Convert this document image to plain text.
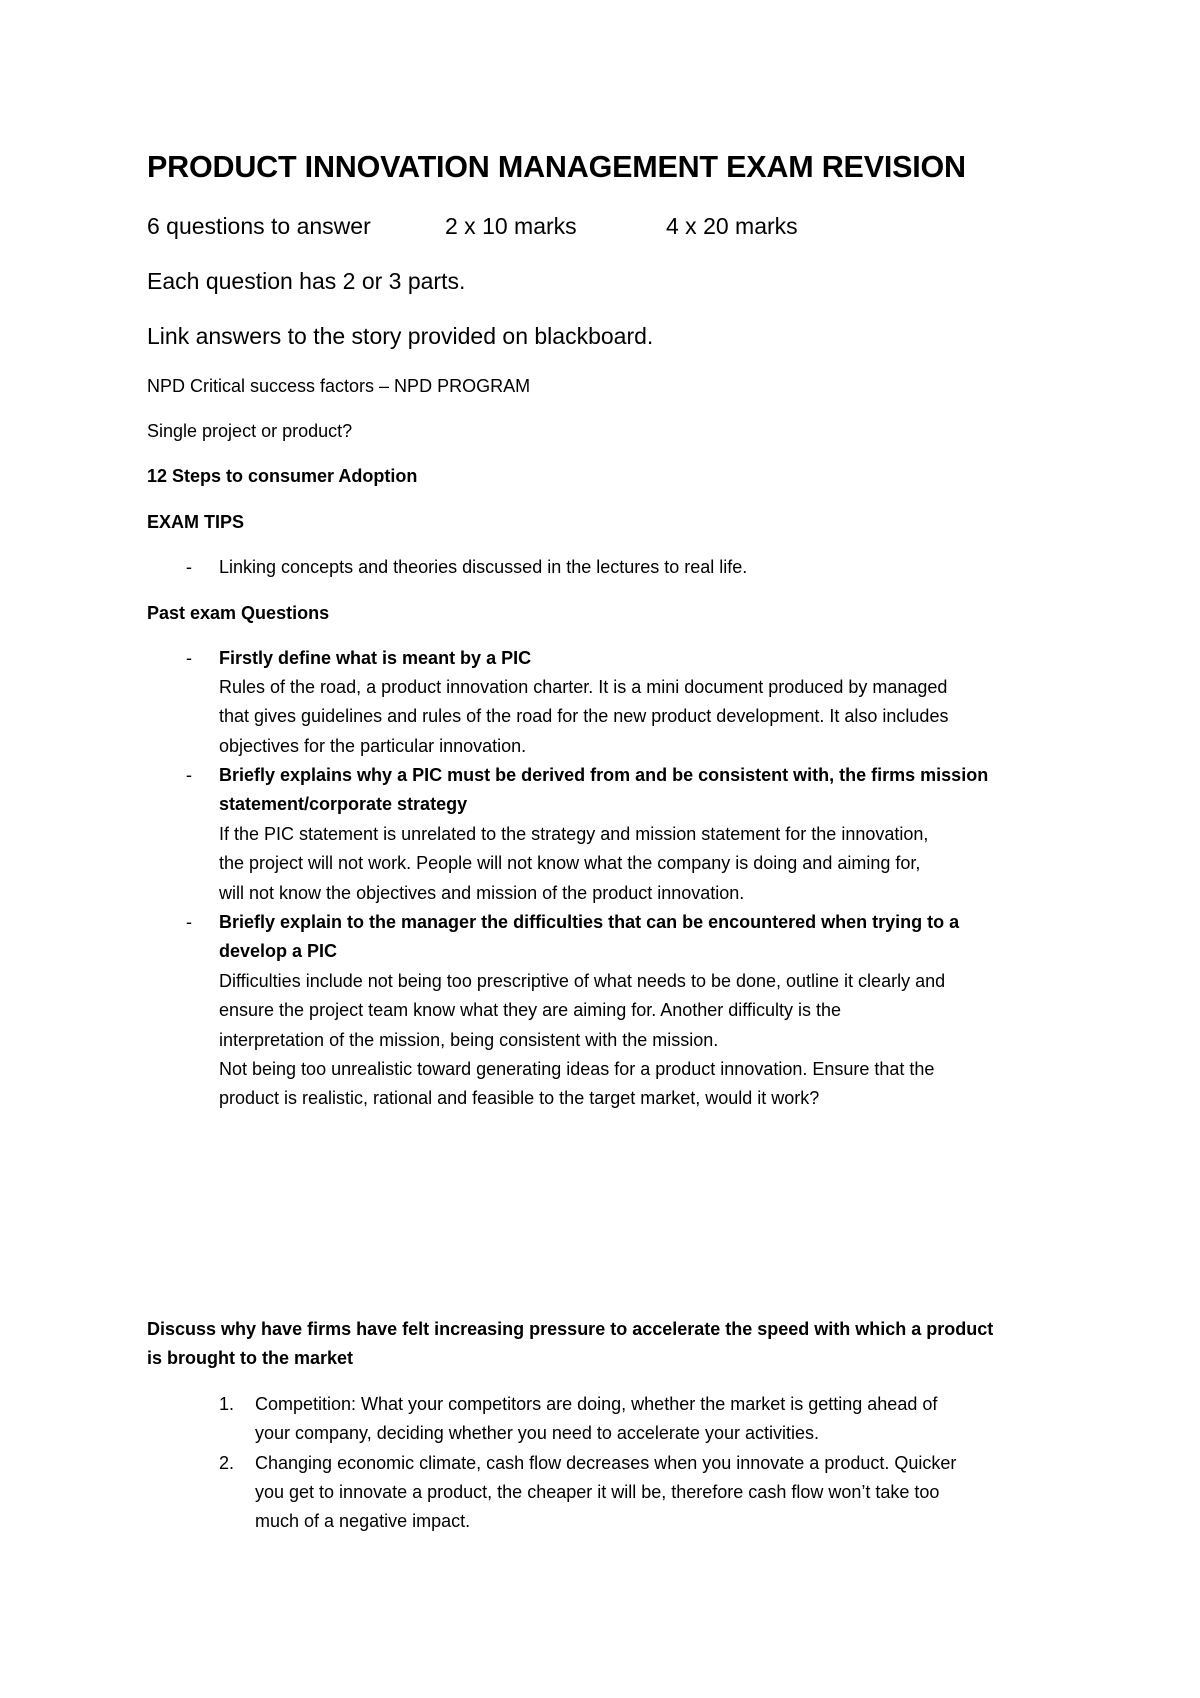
PRODUCT INNOVATION MANAGEMENT EXAM REVISION
6 questions to answer	2 x 10 marks	4 x 20 marks
Each question has 2 or 3 parts.
Link answers to the story provided on blackboard.
NPD Critical success factors – NPD PROGRAM
Single project or product?
12 Steps to consumer Adoption
EXAM TIPS
- Linking concepts and theories discussed in the lectures to real life.
Past exam Questions
- Firstly define what is meant by a PIC
Rules of the road, a product innovation charter. It is a mini document produced by managed
that gives guidelines and rules of the road for the new product development. It also includes
objectives for the particular innovation.
- Briefly explains why a PIC must be derived from and be consistent with, the firms mission
statement/corporate strategy
If the PIC statement is unrelated to the strategy and mission statement for the innovation,
the project will not work. People will not know what the company is doing and aiming for,
will not know the objectives and mission of the product innovation.
- Briefly explain to the manager the difficulties that can be encountered when trying to a
develop a PIC
Difficulties include not being too prescriptive of what needs to be done, outline it clearly and
ensure the project team know what they are aiming for. Another difficulty is the
interpretation of the mission, being consistent with the mission.
Not being too unrealistic toward generating ideas for a product innovation. Ensure that the
product is realistic, rational and feasible to the target market, would it work?
Discuss why have firms have felt increasing pressure to accelerate the speed with which a product
is brought to the market
1. Competition: What your competitors are doing, whether the market is getting ahead of
your company, deciding whether you need to accelerate your activities.
2. Changing economic climate, cash flow decreases when you innovate a product. Quicker
you get to innovate a product, the cheaper it will be, therefore cash flow won’t take too
much of a negative impact.
